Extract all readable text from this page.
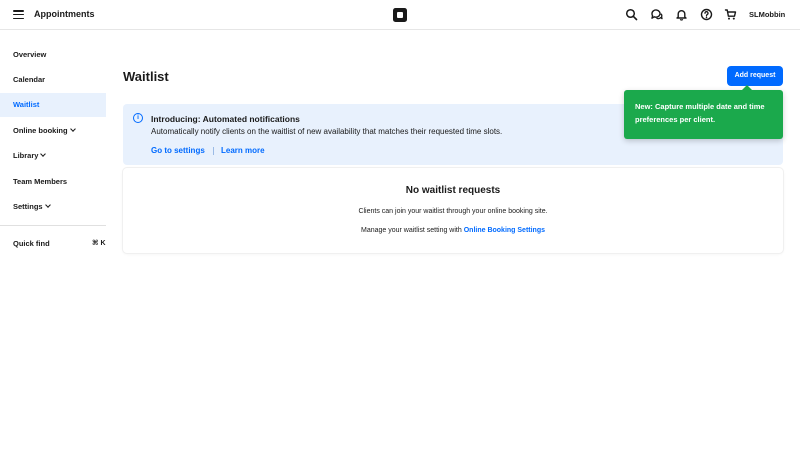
Appointments	SLMobbin
Overview
Calendar
Waitlist
Online booking
Library
Team Members
Settings
Quick find	⌘ K
Waitlist	Add request
i	Introducing: Automated notifications
Automatically notify clients on the waitlist of new availability that matches their requested time slots.
Go to settings Learn more
No waitlist requests
Clients can join your waitlist through your online booking site.
Manage your waitlist setting with Online Booking Settings
New: Capture multiple date and time preferences per client.
